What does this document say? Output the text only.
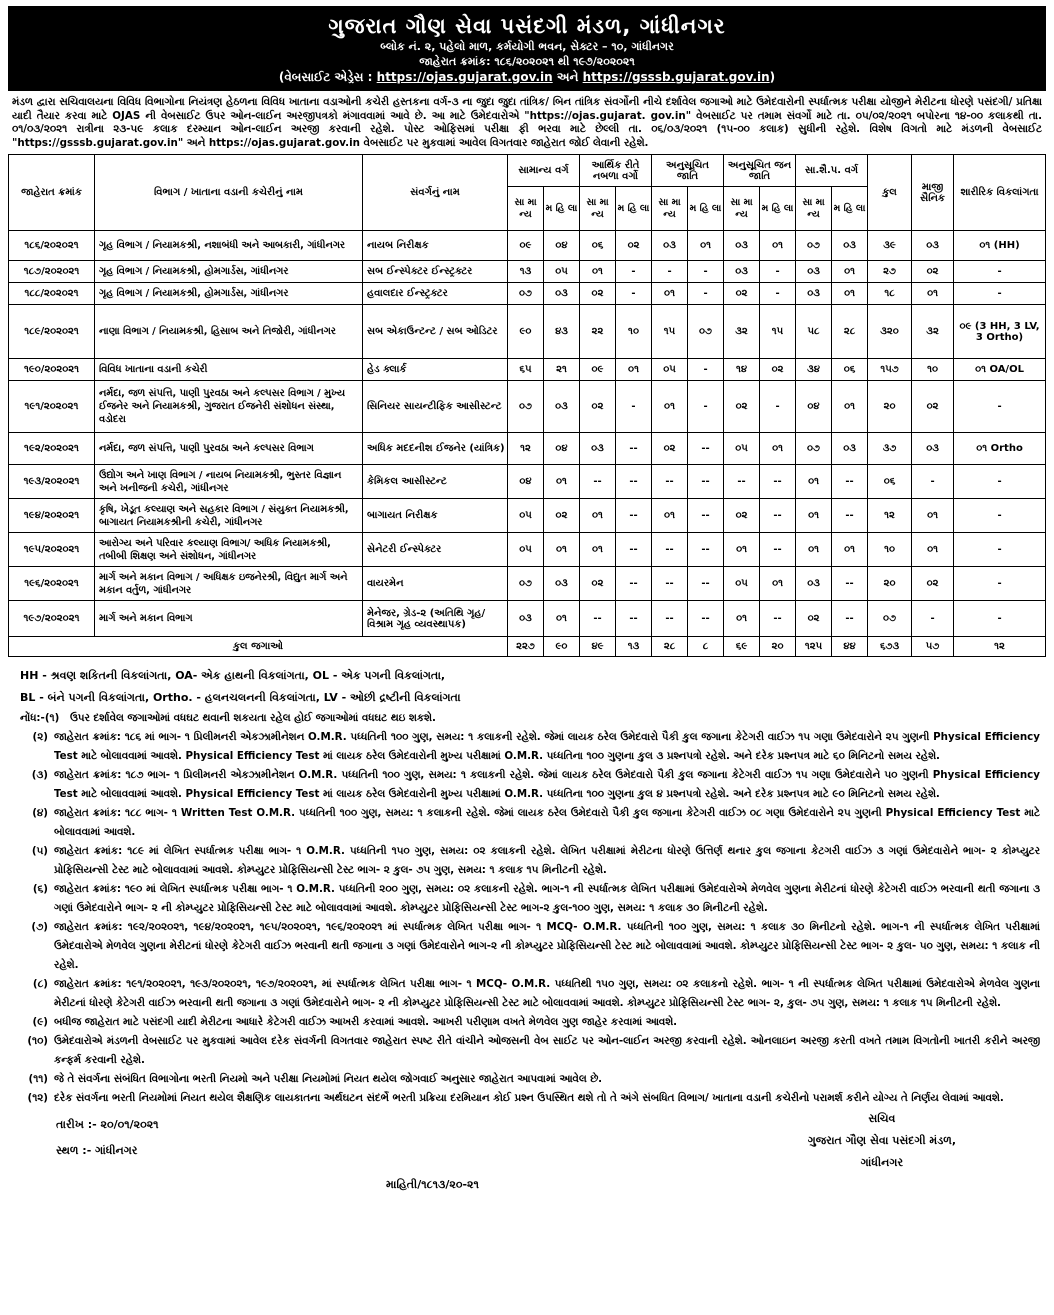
ગુજરાત ગૌણ સેવા પસંદગી મંડળ, ગાંધીનગર
બ્લોક નં. ૨, પહેલો માળ, કર્મયોગી ભવન, સેક્ટર – ૧૦, ગાંધીનગર
જાહેરાત ક્રમાંક: ૧૮૬/૨૦૨૦૨૧ થી ૧૯૭/૨૦૨૦૨૧
(વેબસાઈટ એડ્રેસ : https://ojas.gujarat.gov.in અને https://gsssb.gujarat.gov.in)
મંડળ દ્વારા સચિવાલયના વિવિધ વિભાગોના નિયંત્રણ હેઠળના વિવિધ ખાતાના વડાઓની કચેરી હસ્તકના વર્ગ-૩ ના જુદા જુદા તાંત્રિક/ બિન તાંત્રિક સંવર્ગોની નીચે દર્શાવેલ જગાઓ માટે ઉમેદવારોની સ્પર્ધાત્મક પરીક્ષા યોજીને મેરીટના ધોરણે પસંદગી/ પ્રતિક્ષા યાદી તૈયાર કરવા માટે OJAS ની વેબસાઈટ ઉપર ઓન-લાઈન અરજીપત્રકો મંગાવવામાં આવે છે. આ માટે ઉમેદવારોએ "https://ojas.gujarat. gov.in" વેબસાઈટ પર તમામ સંવર્ગો માટે તા. ૦૫/૦૨/૨૦૨૧ બપોરના ૧૪-૦૦ કલાકથી તા. ૦૧/૦૩/૨૦૨૧ રાત્રીના ૨૩-૫૯ કલાક દરમ્યાન ઓન-લાઈન અરજી કરવાની રહેશે. પોસ્ટ ઓફિસમાં પરીક્ષા ફી ભરવા માટે છેલ્લી તા. ૦૬/૦૩/૨૦૨૧ (૧૫-૦૦ કલાક) સુધીની રહેશે. વિશેષ વિગતો માટે મંડળની વેબસાઈટ "https://gsssb.gujarat.gov.in" અને https://ojas.gujarat.gov.in વેબસાઈટ પર મુકવામાં આવેલ વિગતવાર જાહેરાત જોઈ લેવાની રહેશે.
જાહેરાત ક્રમાંક	વિભાગ / ખાતાના વડાની કચેરીનું નામ	સંવર્ગનું નામ	સામાન્ય વર્ગ		આર્થિક રીતે નબળા વર્ગો		અનુસૂચિત જાતિ		અનુસૂચિત જન જાતિ		સા.શૈ.પ. વર્ગ		કુલ	માજી સૈનિક	શારીરિક વિકલાંગતા
			સા મા ન્ય	મ હિ લા	સા મા ન્ય	મ હિ લા	સા મા ન્ય	મ હિ લા	સા મા ન્ય	મ હિ લા	સા મા ન્ય	મ હિ લા			
૧૮૬/૨૦૨૦૨૧	ગૃહ વિભાગ / નિયામકશ્રી, નશાબંધી અને આબકારી, ગાંધીનગર	નાયબ નિરીક્ષક	૦૯	૦૪	૦૬	૦૨	૦૩	૦૧	૦૩	૦૧	૦૭	૦૩	૩૯	૦૩	૦૧ (HH)
૧૮૭/૨૦૨૦૨૧	ગૃહ વિભાગ / નિયામકશ્રી, હોમગાર્ડસ, ગાંધીનગર	સબ ઈન્સ્પેક્ટર ઈન્સ્ટ્રક્ટર	૧૩	૦૫	૦૧	-	-	-	૦૩	-	૦૩	૦૧	૨૭	૦૨	-
૧૮૮/૨૦૨૦૨૧	ગૃહ વિભાગ / નિયામકશ્રી, હોમગાર્ડસ, ગાંધીનગર	હવાલદાર ઈન્સ્ટ્રક્ટર	૦૭	૦૩	૦૨	-	૦૧	-	૦૨	-	૦૩	૦૧	૧૮	૦૧	-
૧૮૯/૨૦૨૦૨૧	નાણા વિભાગ / નિયામકશ્રી, હિસાબ અને તિજોરી, ગાંધીનગર	સબ એકાઉન્ટન્ટ / સબ ઓડિટર	૯૦	૪૩	૨૨	૧૦	૧૫	૦૭	૩૨	૧૫	૫૮	૨૮	૩૨૦	૩૨	૦૯ (3 HH, 3 LV, 3 Ortho)
૧૯૦/૨૦૨૦૨૧	વિવિધ ખાતાના વડાની કચેરી	હેડ ક્લાર્ક	૬૫	૨૧	૦૯	૦૧	૦૫	-	૧૪	૦૨	૩૪	૦૬	૧૫૭	૧૦	૦૧ OA/OL
૧૯૧/૨૦૨૦૨૧	નર્મદા, જળ સંપત્તિ, પાણી પુરવઠા અને કલ્પસર વિભાગ / મુખ્ય ઈજનેર અને નિયામકશ્રી, ગુજરાત ઈજનેરી સંશોધન સંસ્થા, વડોદરા	સિનિયર સાયન્ટીફિક આસીસ્ટન્ટ	૦૭	૦૩	૦૨	-	૦૧	-	૦૨	-	૦૪	૦૧	૨૦	૦૨	-
૧૯૨/૨૦૨૦૨૧	નર્મદા, જળ સંપત્તિ, પાણી પુરવઠા અને કલ્પસર વિભાગ	અધિક મદદનીશ ઈજનેર (યાંત્રિક)	૧૨	૦૪	૦૩	--	૦૨	--	૦૫	૦૧	૦૭	૦૩	૩૭	૦૩	૦૧ Ortho
૧૯૩/૨૦૨૦૨૧	ઉદ્યોગ અને ખાણ વિભાગ / નાયબ નિયામકશ્રી, ભુસ્તર વિજ્ઞાન અને ખનીજની કચેરી, ગાંધીનગર	કેમિકલ આસીસ્ટન્ટ	૦૪	૦૧	--	--	--	--	--	--	૦૧	--	૦૬	-	-
૧૯૪/૨૦૨૦૨૧	કૃષિ, ખેડૂત કલ્યાણ અને સહકાર વિભાગ / સંયુક્ત નિયામકશ્રી, બાગાયત નિયામકશ્રીની કચેરી, ગાંધીનગર	બાગાયત નિરીક્ષક	૦૫	૦૨	૦૧	--	૦૧	--	૦૨	--	૦૧	--	૧૨	૦૧	-
૧૯૫/૨૦૨૦૨૧	આરોગ્ય અને પરિવાર કલ્યાણ વિભાગ/ અધિક નિયામકશ્રી, તબીબી શિક્ષણ અને સંશોધન, ગાંધીનગર	સેનેટરી ઈન્સ્પેક્ટર	૦૫	૦૧	૦૧	--	--	--	૦૧	--	૦૧	૦૧	૧૦	૦૧	-
૧૯૬/૨૦૨૦૨૧	માર્ગ અને મકાન વિભાગ / અધિક્ષક ઇજનેરશ્રી, વિદ્યુત માર્ગ અને મકાન વર્તુળ, ગાંધીનગર	વાયરમેન	૦૭	૦૩	૦૨	--	--	--	૦૫	૦૧	૦૩	--	૨૦	૦૨	-
૧૯૭/૨૦૨૦૨૧	માર્ગ અને મકાન વિભાગ	મેનેજર, ગ્રેડ-૨ (અતિથિ ગૃહ/ વિશ્રામ ગૃહ વ્યવસ્થાપક)	૦૩	૦૧	--	--	--	--	૦૧	--	૦૨	--	૦૭	-	-
કુલ જગાઓ			૨૨૭	૯૦	૪૯	૧૩	૨૮	૮	૬૯	૨૦	૧૨૫	૪૪	૬૭૩	૫૭	૧૨
HH - શ્રવણ શકિતની વિકલાંગતા, OA- એક હાથની વિકલાંગતા, OL - એક પગની વિકલાંગતા,
BL - બંને પગની વિકલાંગતા, Ortho. - હલનચલનની વિકલાંગતા, LV - ઓછી દ્રષ્ટીની વિકલાંગતા
નોંધ:-(૧)	ઉપર દર્શાવેલ જગાઓમાં વધઘટ થવાની શકયતા રહેલ હોઈ જગાઓમાં વધઘટ થઇ શકશે.
(૨) જાહેરાત ક્રમાંક: ૧૮૬ માં ભાગ- ૧ પ્રિલીમનરી એકઝામીનેશન O.M.R. પધ્ધતિની ૧૦૦ ગુણ, સમય: ૧ કલાકની રહેશે. જેમાં લાયક ઠરેલ ઉમેદવારો પૈકી કુલ જગાના કેટેગરી વાઈઝ ૧૫ ગણા ઉમેદવારોને ૨૫ ગુણની Physical Efficiency Test માટે બોલાવવામાં આવશે. Physical Efficiency Test માં લાયક ઠરેલ ઉમેદવારોની મુખ્ય પરીક્ષામાં O.M.R. પધ્ધતિના ૧૦૦ ગુણના કુલ ૩ પ્રશ્નપત્રો રહેશે. અને દરેક પ્રશ્નપત્ર માટે ૬૦ મિનિટનો સમય રહેશે.
(૩) જાહેરાત ક્રમાંક: ૧૮૭ ભાગ- ૧ પ્રિલીમનરી એકઝામીનેશન O.M.R. પધ્ધતિની ૧૦૦ ગુણ, સમય: ૧ કલાકની રહેશે. જેમાં લાયક ઠરેલ ઉમેદવારો પૈકી કુલ જગાના કેટેગરી વાઈઝ ૧૫ ગણા ઉમેદવારોને ૫૦ ગુણની Physical Efficiency Test માટે બોલાવવામાં આવશે. Physical Efficiency Test માં લાયક ઠરેલ ઉમેદવારોની મુખ્ય પરીક્ષામાં O.M.R. પધ્ધતિના ૧૦૦ ગુણના કુલ ૪ પ્રશ્નપત્રો રહેશે. અને દરેક પ્રશ્નપત્ર માટે ૯૦ મિનિટનો સમય રહેશે.
(૪) જાહેરાત ક્રમાંક: ૧૮૮ ભાગ- ૧ Written Test O.M.R. પધ્ધતિની ૧૦૦ ગુણ, સમય: ૧ કલાકની રહેશે. જેમાં લાયક ઠરેલ ઉમેદવારો પૈકી કુલ જગાના કેટેગરી વાઈઝ ૦૮ ગણા ઉમેદવારોને ૨૫ ગુણની Physical Efficiency Test માટે બોલાવવામાં આવશે.
(૫) જાહેરાત ક્રમાંક: ૧૮૯ માં લેખિત સ્પર્ધાત્મક પરીક્ષા ભાગ- ૧ O.M.R. પધ્ધતિની ૧૫૦ ગુણ, સમય: ૦૨ કલાકની રહેશે. લેખિત પરીક્ષામાં મેરીટના ધોરણે ઉત્તિર્ણ થનાર કુલ જગાના કેટગરી વાઈઝ ૩ ગણાં ઉમેદવારોને ભાગ- ૨ કોમ્પ્યુટર પ્રોફિસિયન્સી ટેસ્ટ માટે બોલાવવામાં આવશે. કોમ્પ્યુટર પ્રોફિસિયન્સી ટેસ્ટ ભાગ- ૨ કુલ- ૭૫ ગુણ, સમય: ૧ કલાક ૧૫ મિનીટની રહેશે.
(૬) જાહેરાત ક્રમાંક: ૧૯૦ માં લેખિત સ્પર્ધાત્મક પરીક્ષા ભાગ- ૧ O.M.R. પધ્ધતિની ૨૦૦ ગુણ, સમય: ૦૨ કલાકની રહેશે. ભાગ-૧ ની સ્પર્ધાત્મક લેખિત પરીક્ષામાં ઉમેદવારોએ મેળવેલ ગુણના મેરીટનાં ધોરણે કેટેગરી વાઈઝ ભરવાની થતી જગાના ૩ ગણાં ઉમેદવારોને ભાગ- ૨ ની કોમ્પ્યુટર પ્રોફિસિયન્સી ટેસ્ટ માટે બોલાવવામાં આવશે. કોમ્પ્યુટર પ્રોફિસિયન્સી ટેસ્ટ ભાગ-૨ કુલ-૧૦૦ ગુણ, સમય: ૧ કલાક ૩૦ મિનીટની રહેશે.
(૭) જાહેરાત ક્રમાંક: ૧૯૨/૨૦૨૦૨૧, ૧૯૪/૨૦૨૦૨૧, ૧૯૫/૨૦૨૦૨૧, ૧૯૬/૨૦૨૦૨૧ માં સ્પર્ધાત્મક લેખિત પરીક્ષા ભાગ- ૧ MCQ- O.M.R. પધ્ધતિની ૧૦૦ ગુણ, સમય: ૧ કલાક ૩૦ મિનીટનો રહેશે. ભાગ-૧ ની સ્પર્ધાત્મક લેખિત પરીક્ષામાં ઉમેદવારોએ મેળવેલ ગુણના મેરીટનાં ધોરણે કેટેગરી વાઈઝ ભરવાની થતી જગાના ૩ ગણાં ઉમેદવારોને ભાગ-૨ ની કોમ્પ્યુટર પ્રોફિસિયન્સી ટેસ્ટ માટે બોલાવવામાં આવશે. કોમ્પ્યુટર પ્રોફિસિયન્સી ટેસ્ટ ભાગ- ૨ કુલ- ૫૦ ગુણ, સમય: ૧ કલાક ની રહેશે.
(૮) જાહેરાત ક્રમાંક: ૧૯૧/૨૦૨૦૨૧, ૧૯૩/૨૦૨૦૨૧, ૧૯૭/૨૦૨૦૨૧, માં સ્પર્ધાત્મક લેખિત પરીક્ષા ભાગ- ૧ MCQ- O.M.R. પધ્ધતિથી ૧૫૦ ગુણ, સમય: ૦૨ કલાકનો રહેશે. ભાગ- ૧ ની સ્પર્ધાત્મક લેખિત પરીક્ષામાં ઉમેદવારોએ મેળવેલ ગુણના મેરીટનાં ધોરણે કેટેગરી વાઈઝ ભરવાની થતી જગાના ૩ ગણાં ઉમેદવારોને ભાગ- ૨ ની કોમ્પ્યુટર પ્રોફિસિયન્સી ટેસ્ટ માટે બોલાવવામાં આવશે. કોમ્પ્યુટર પ્રોફિસિયન્સી ટેસ્ટ ભાગ- ૨, કુલ- ૭૫ ગુણ, સમય: ૧ કલાક ૧૫ મિનીટની રહેશે.
(૯) બધીજ જાહેરાત માટે પસંદગી યાદી મેરીટના આધારે કેટેગરી વાઈઝ આખરી કરવામાં આવશે. આખરી પરીણામ વખતે મેળવેલ ગુણ જાહેર કરવામાં આવશે.
(૧૦) ઉમેદવારોએ મંડળની વેબસાઈટ પર મુકવામાં આવેલ દરેક સંવર્ગની વિગતવાર જાહેરાત સ્પષ્ટ રીતે વાંચીને ઓજસની વેબ સાઈટ પર ઓન-લાઈન અરજી કરવાની રહેશે. ઓનલાઇન અરજી કરતી વખતે તમામ વિગતોની ખાતરી કરીને અરજી કન્ફર્મ કરવાની રહેશે.
(૧૧) જે તે સંવર્ગના સંબંધિત વિભાગોના ભરતી નિયમો અને પરીક્ષા નિયમોમાં નિયત થયેલ જોગવાઈ અનુસાર જાહેરાત આપવામાં આવેલ છે.
(૧૨) દરેક સંવર્ગના ભરતી નિયમોમાં નિયત થયેલ શૈક્ષણિક લાયકાતના અર્થઘટન સંદર્ભે ભરતી પ્રક્રિયા દરમિયાન કોઈ પ્રશ્ન ઉપસ્થિત થશે તો તે અંગે સંબધિત વિભાગ/ ખાતાના વડાની કચેરીનો પરામર્શ કરીને યોગ્ય તે નિર્ણય લેવામાં આવશે.
તારીખ :- ૨૦/૦૧/૨૦૨૧
સ્થળ :- ગાંધીનગર
માહિતી/૧૮૧૩/૨૦-૨૧
સચિવ
ગુજરાત ગૌણ સેવા પસંદગી મંડળ,
ગાંધીનગર
